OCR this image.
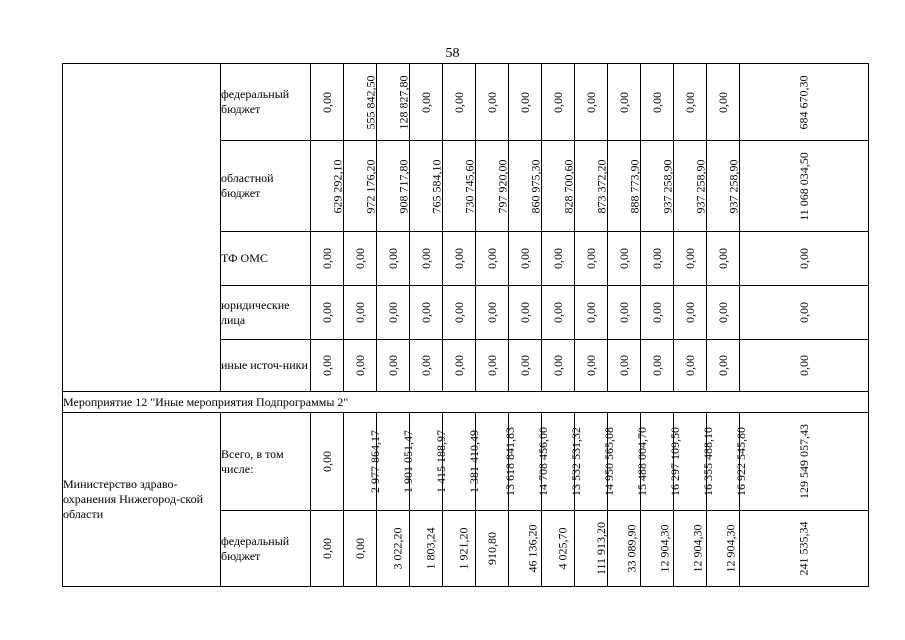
58
	федеральный бюджет	0,00	555 842,50	128 827,80	0,00	0,00	0,00	0,00	0,00	0,00	0,00	0,00	0,00	0,00	684 670,30
	областной бюджет	629 292,10	972 176,20	908 717,80	765 584,10	730 745,60	797 920,00	860 975,30	828 700,60	873 372,20	888 773,90	937 258,90	937 258,90	937 258,90	11 068 034,50
	ТФ ОМС	0,00	0,00	0,00	0,00	0,00	0,00	0,00	0,00	0,00	0,00	0,00	0,00	0,00	0,00
	юридические лица	0,00	0,00	0,00	0,00	0,00	0,00	0,00	0,00	0,00	0,00	0,00	0,00	0,00	0,00
	иные источ-ники	0,00	0,00	0,00	0,00	0,00	0,00	0,00	0,00	0,00	0,00	0,00	0,00	0,00	0,00
Мероприятие 12 "Иные мероприятия Подпрограммы 2"															
Министерство здраво-охранения Нижегород-ской области	Всего, в том числе:	0,00	2 977 864,17	1 901 051,47	1 415 188,97	1 381 410,49	13 618 841,83	14 708 456,00	13 532 531,32	14 950 565,08	15 488 004,70	16 297 109,50	16 355 488,10	16 922 545,80	129 549 057,43
	федеральный бюджет	0,00	0,00	3 022,20	1 803,24	1 921,20	910,80	46 136,20	4 025,70	111 913,20	33 089,90	12 904,30	12 904,30	12 904,30	241 535,34
